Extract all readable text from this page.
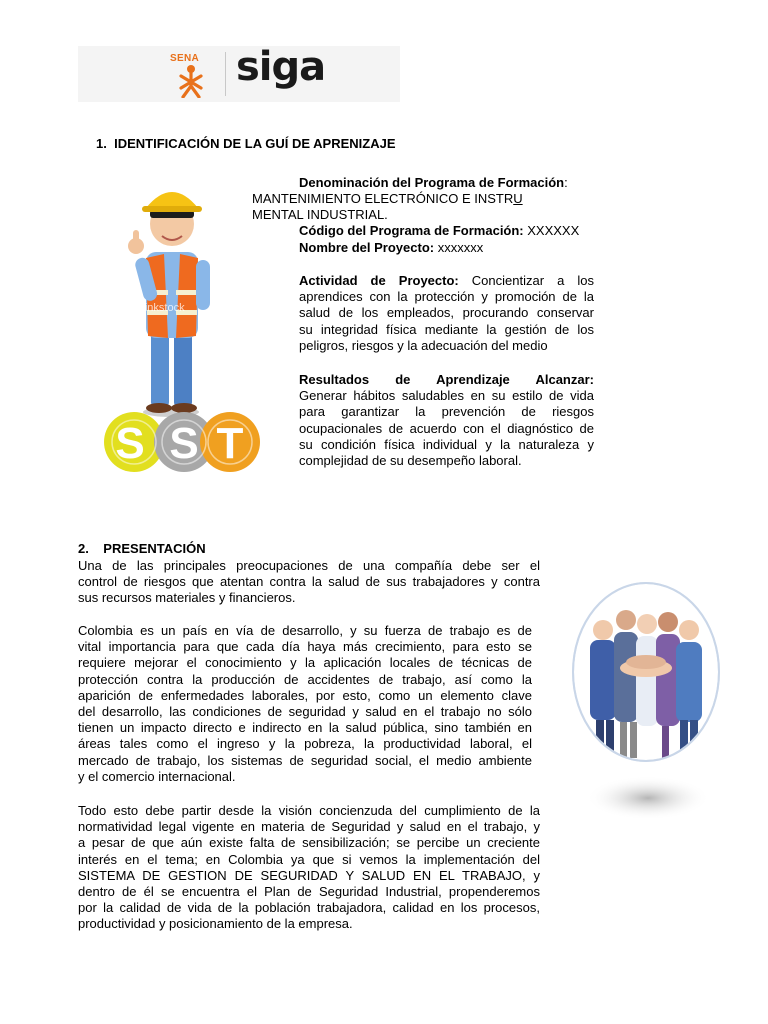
SENA siga
1. IDENTIFICACIÓN DE LA GUÍ DE APRENIZAJE
S S T
Thinkstock
Denominación del Programa de Formación:
MANTENIMIENTO ELECTRÓNICO E INSTRU
MENTAL INDUSTRIAL.
Código del Programa de Formación: XXXXXX
Nombre del Proyecto: xxxxxxx
Actividad de Proyecto: Concientizar a los
aprendices con la protección y promoción de la
salud de los empleados, procurando conservar
su integridad física mediante la gestión de los
peligros, riesgos y la adecuación del medio
Resultados de Aprendizaje Alcanzar:
Generar hábitos saludables en su estilo de vida
para garantizar la prevención de riesgos
ocupacionales de acuerdo con el diagnóstico de
su condición física individual y la naturaleza y
complejidad de su desempeño laboral.
2. PRESENTACIÓN
Una de las principales preocupaciones de una compañía debe ser el
control de riesgos que atentan contra la salud de sus trabajadores y contra
sus recursos materiales y financieros.
Colombia es un país en vía de desarrollo, y su fuerza de trabajo es de
vital importancia para que cada día haya más crecimiento, para esto se
requiere mejorar el conocimiento y la aplicación locales de técnicas de
protección contra la producción de accidentes de trabajo, así como la
aparición de enfermedades laborales, por esto, como un elemento clave
del desarrollo, las condiciones de seguridad y salud en el trabajo no sólo
tienen un impacto directo e indirecto en la salud pública, sino también en
áreas tales como el ingreso y la pobreza, la productividad laboral, el
mercado de trabajo, los sistemas de seguridad social, el medio ambiente
y el comercio internacional.
Todo esto debe partir desde la visión concienzuda del cumplimiento de la
normatividad legal vigente en materia de Seguridad y salud en el trabajo, y
a pesar de que aún existe falta de sensibilización; se percibe un creciente
interés en el tema; en Colombia ya que si vemos la implementación del
SISTEMA DE GESTION DE SEGURIDAD Y SALUD EN EL TRABAJO, y
dentro de él se encuentra el Plan de Seguridad Industrial, propenderemos
por la calidad de vida de la población trabajadora, calidad en los procesos,
productividad y posicionamiento de la empresa.
